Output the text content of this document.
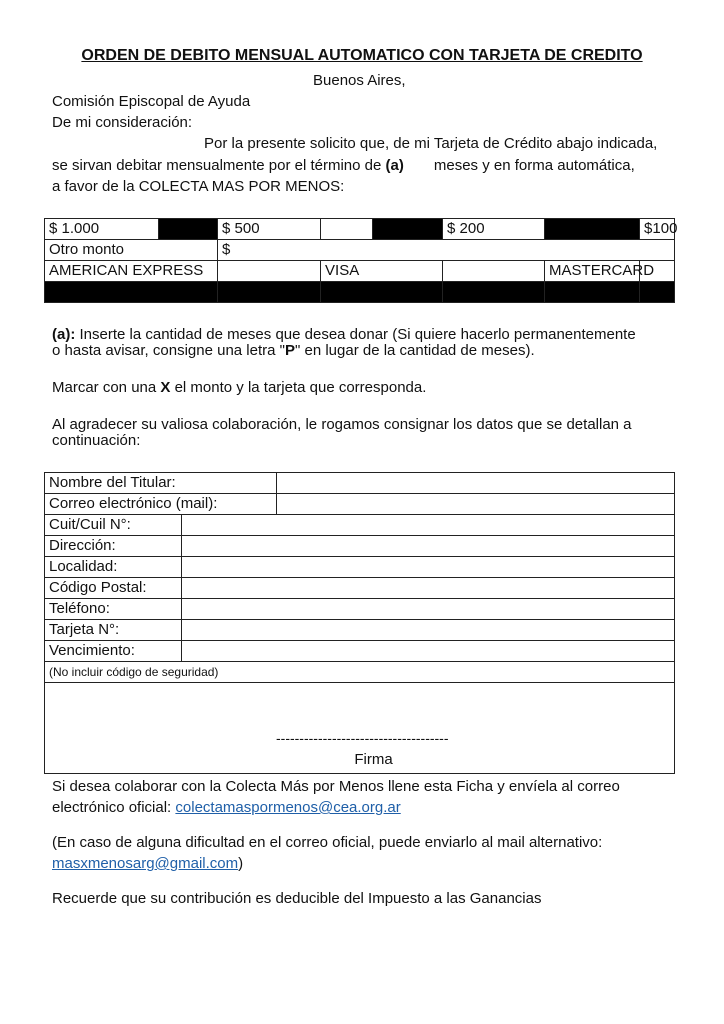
ORDEN DE DEBITO MENSUAL AUTOMATICO CON TARJETA DE CREDITO
Buenos Aires,
Comisión Episcopal de Ayuda
De mi consideración:
Por la presente solicito que, de mi Tarjeta de Crédito abajo indicada,
se sirvan debitar mensualmente por el término de (a) meses y en forma automática,
a favor de la COLECTA MAS POR MENOS:
$ 1.000		$ 500			$ 200		$100
Otro monto		$					
AMERICAN EXPRESS			VISA			MASTERCARD	

(a): Inserte la cantidad de meses que desea donar (Si quiere hacerlo permanentemente
o hasta avisar, consigne una letra "P" en lugar de la cantidad de meses).
Marcar con una X el monto y la tarjeta que corresponda.
Al agradecer su valiosa colaboración, le rogamos consignar los datos que se detallan a
continuación:
Nombre del Titular:		
Correo electrónico (mail):		
Cuit/Cuil N°:		
Dirección:		
Localidad:		
Código Postal:		
Teléfono:		
Tarjeta N°:		
Vencimiento:		
(No incluir código de seguridad)		

-------------------------------------
Firma		
Si desea colaborar con la Colecta Más por Menos llene esta Ficha y envíela al correo
electrónico oficial: colectamaspormenos@cea.org.ar
(En caso de alguna dificultad en el correo oficial, puede enviarlo al mail alternativo:
masxmenosarg@gmail.com)
Recuerde que su contribución es deducible del Impuesto a las Ganancias
